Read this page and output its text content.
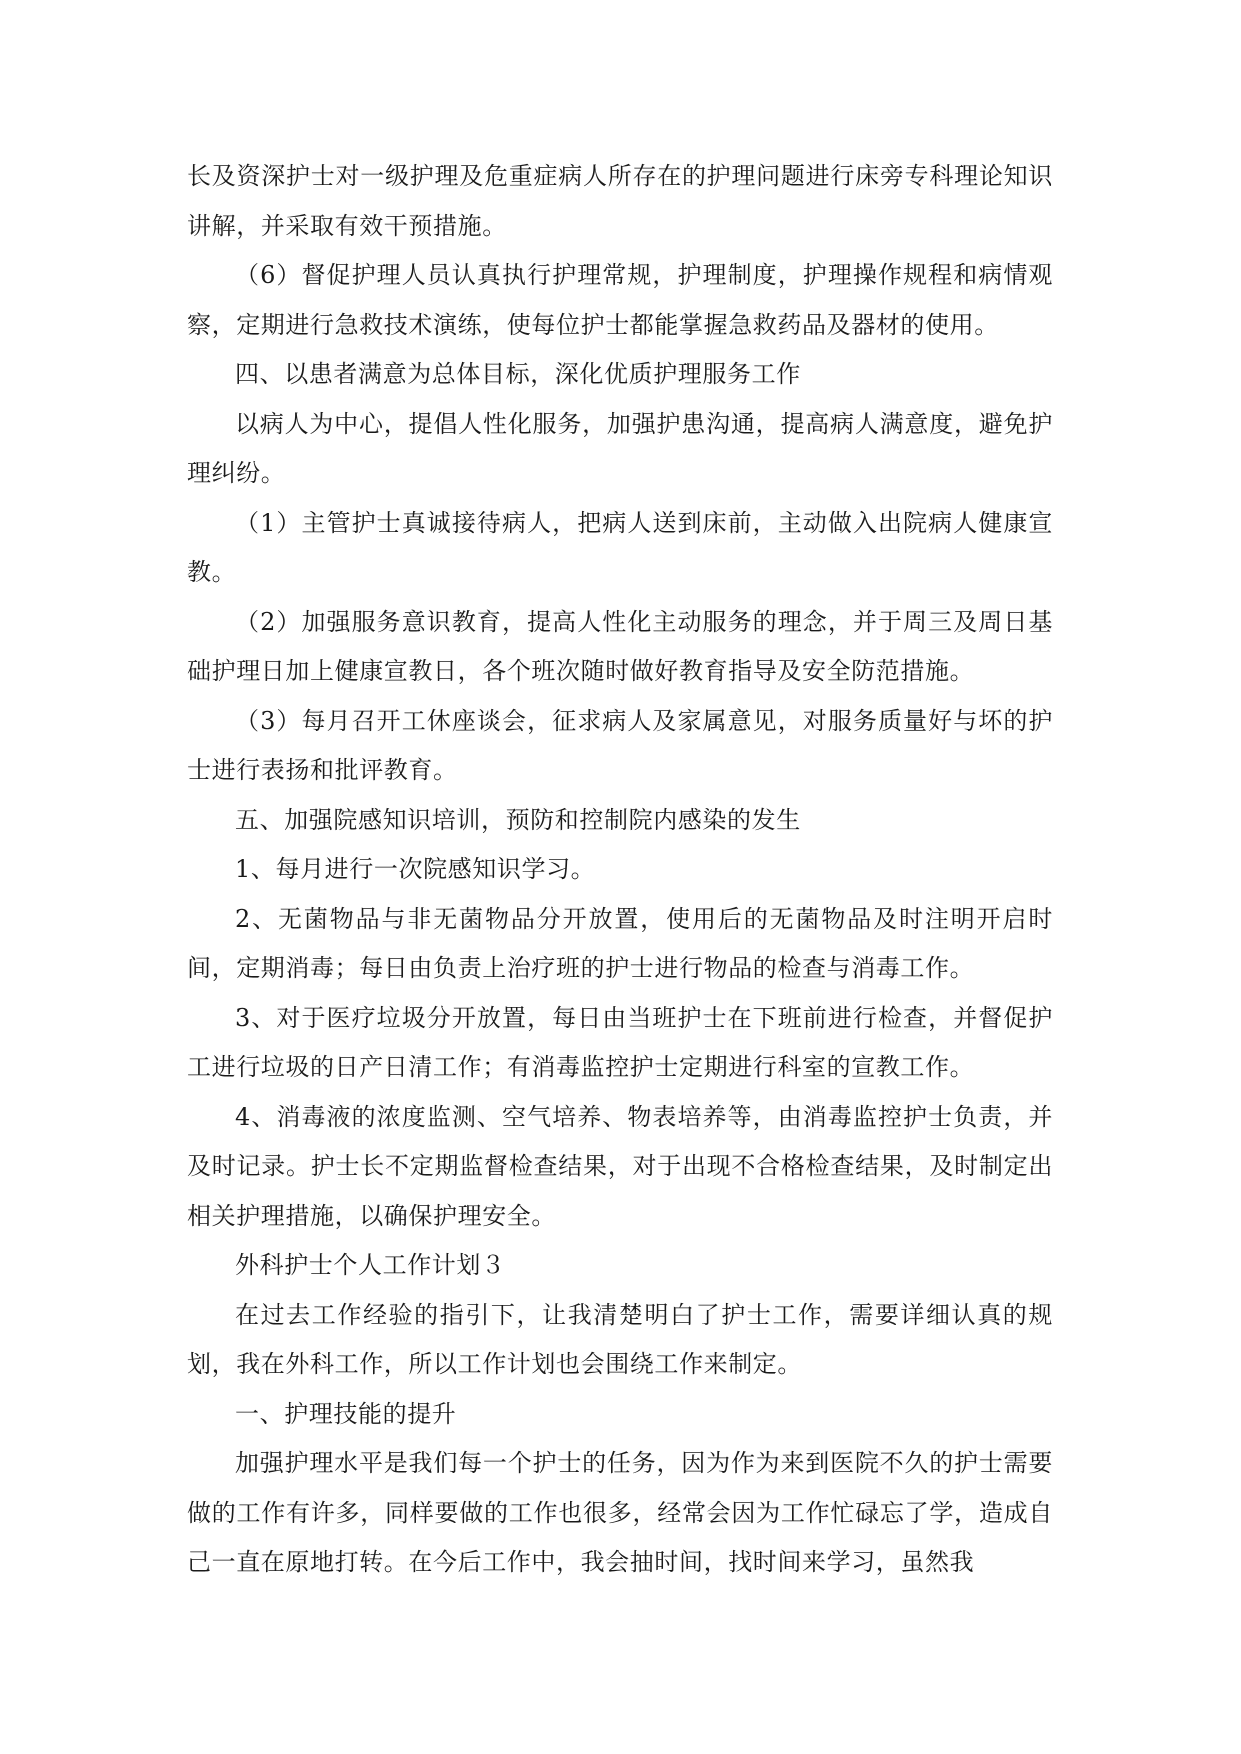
长及资深护士对一级护理及危重症病人所存在的护理问题进行床旁专科理论知识讲解，并采取有效干预措施。

（6）督促护理人员认真执行护理常规，护理制度，护理操作规程和病情观察，定期进行急救技术演练，使每位护士都能掌握急救药品及器材的使用。

四、以患者满意为总体目标，深化优质护理服务工作

以病人为中心，提倡人性化服务，加强护患沟通，提高病人满意度，避免护理纠纷。

（1）主管护士真诚接待病人，把病人送到床前，主动做入出院病人健康宣教。

（2）加强服务意识教育，提高人性化主动服务的理念，并于周三及周日基础护理日加上健康宣教日，各个班次随时做好教育指导及安全防范措施。

（3）每月召开工休座谈会，征求病人及家属意见，对服务质量好与坏的护士进行表扬和批评教育。

五、加强院感知识培训，预防和控制院内感染的发生

1、每月进行一次院感知识学习。

2、无菌物品与非无菌物品分开放置，使用后的无菌物品及时注明开启时间，定期消毒；每日由负责上治疗班的护士进行物品的检查与消毒工作。

3、对于医疗垃圾分开放置，每日由当班护士在下班前进行检查，并督促护工进行垃圾的日产日清工作；有消毒监控护士定期进行科室的宣教工作。

4、消毒液的浓度监测、空气培养、物表培养等，由消毒监控护士负责，并及时记录。护士长不定期监督检查结果，对于出现不合格检查结果，及时制定出相关护理措施，以确保护理安全。

外科护士个人工作计划３

在过去工作经验的指引下，让我清楚明白了护士工作，需要详细认真的规划，我在外科工作，所以工作计划也会围绕工作来制定。

一、护理技能的提升

加强护理水平是我们每一个护士的任务，因为作为来到医院不久的护士需要做的工作有许多，同样要做的工作也很多，经常会因为工作忙碌忘了学，造成自己一直在原地打转。在今后工作中，我会抽时间，找时间来学习，虽然我
